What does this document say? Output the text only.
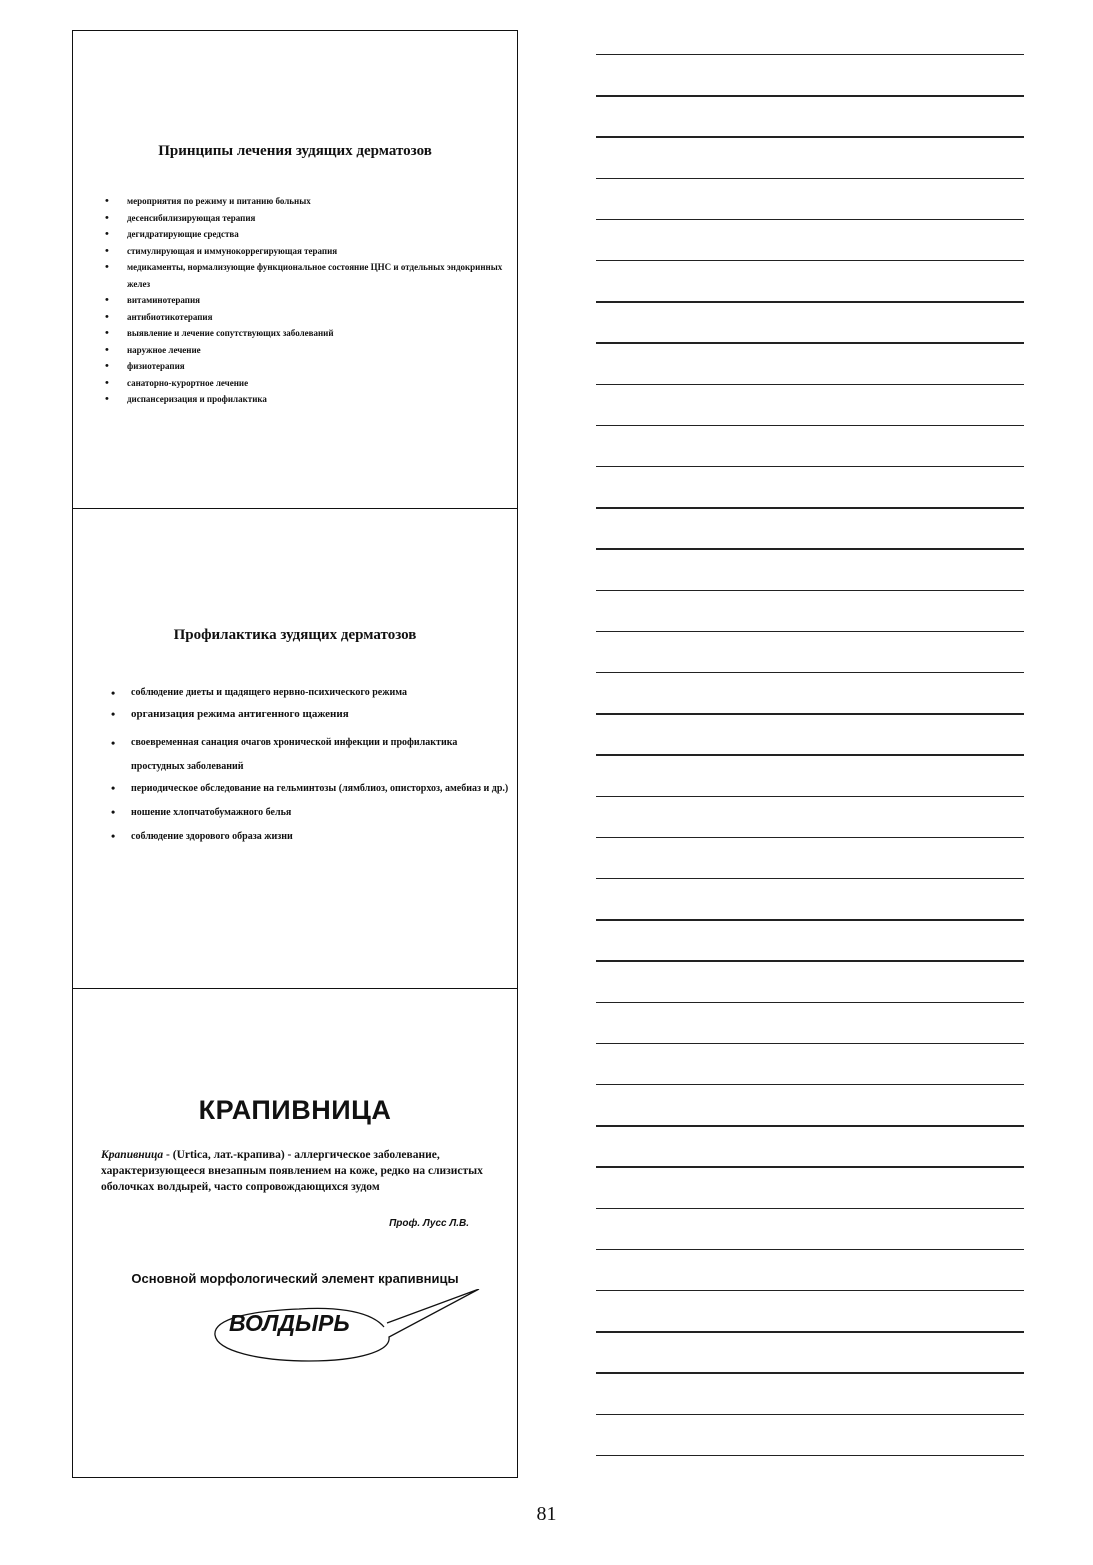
Принципы лечения зудящих дерматозов
• мероприятия по режиму и питанию больных
• десенсибилизирующая терапия
• дегидратирующие средства
• стимулирующая и иммунокоррегирующая терапия
• медикаменты, нормализующие функциональное состояние ЦНС и отдельных эндокринных желез
• витаминотерапия
• антибиотикотерапия
• выявление и лечение сопутствующих заболеваний
• наружное лечение
• физиотерапия
• санаторно-курортное лечение
• диспансеризация и профилактика
Профилактика зудящих дерматозов
• соблюдение диеты и щадящего нервно-психического режима
• организация режима антигенного щажения
• своевременная санация очагов хронической инфекции и профилактика простудных заболеваний
• периодическое обследование на гельминтозы (лямблиоз, описторхоз, амебиаз и др.)
• ношение хлопчатобумажного белья
• соблюдение здорового образа жизни
КРАПИВНИЦА
Крапивница - (Urtica, лат.-крапива) - аллергическое заболевание, характеризующееся внезапным появлением на коже, редко на слизистых оболочках волдырей, часто сопровождающихся зудом
Проф. Лусс Л.В.
Основной морфологический элемент крапивницы
ВОЛДЫРЬ
81
